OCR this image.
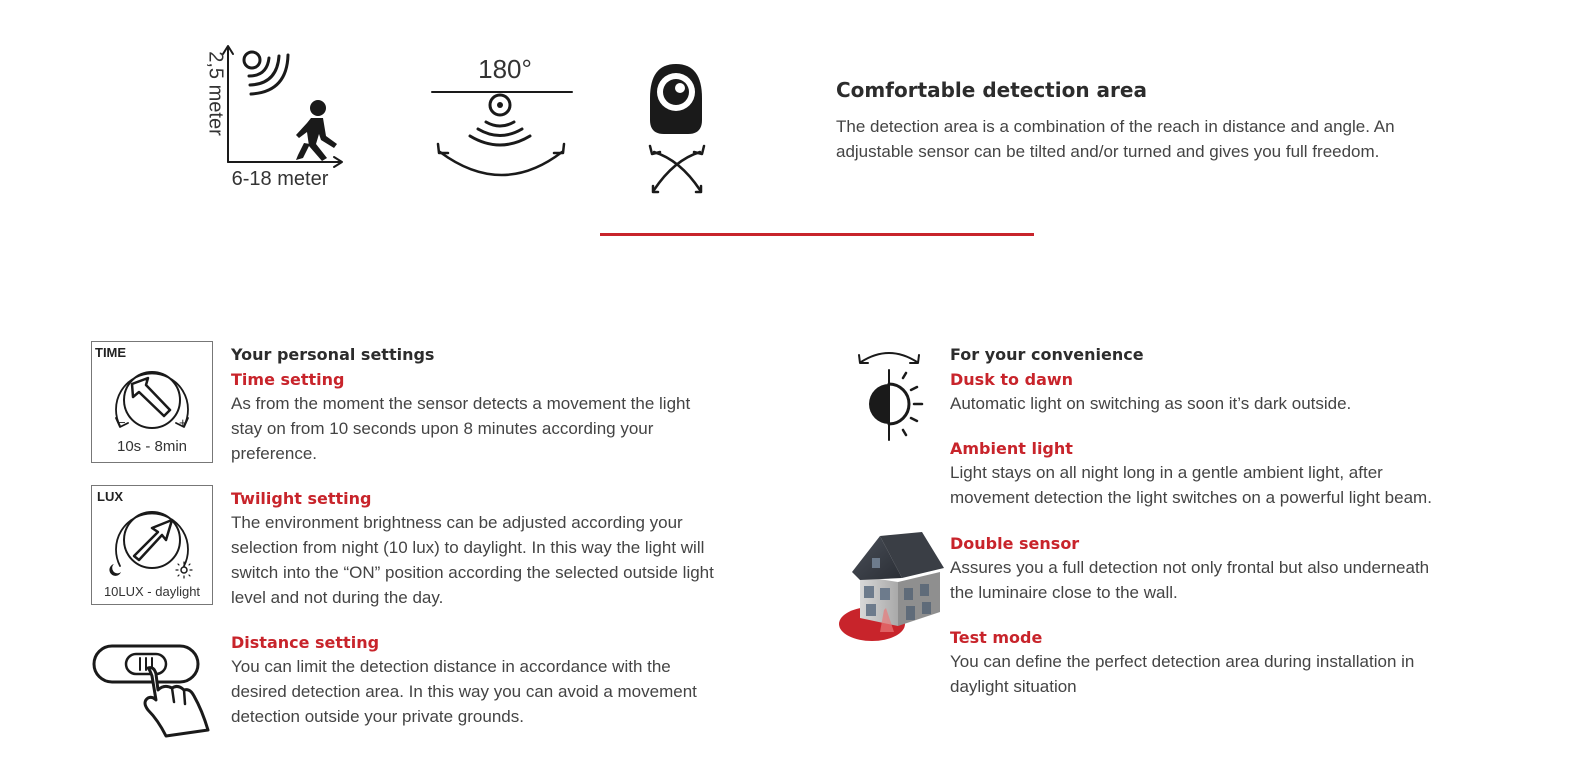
2,5 meter
6-18 meter
180°
Comfortable detection area
The detection area is a combination of the reach in distance and angle. An
adjustable sensor can be tilted and/or turned and gives you full freedom.
TIME
−	+
10s - 8min
Your personal settings
Time setting
As from the moment the sensor detects a movement the light
stay on from 10 seconds upon 8 minutes according your
preference.
LUX
10LUX - daylight
Twilight setting
The environment brightness can be adjusted according your
selection from night (10 lux) to daylight. In this way the light will
switch into the “ON” position according the selected outside light
level and not during the day.
Distance setting
You can limit the detection distance in accordance with the
desired detection area. In this way you can avoid a movement
detection outside your private grounds.
For your convenience
Dusk to dawn
Automatic light on switching as soon it’s dark outside.
Ambient light
Light stays on all night long in a gentle ambient light, after
movement detection the light switches on a powerful light beam.
Double sensor
Assures you a full detection not only frontal but also underneath
the luminaire close to the wall.
Test mode
You can define the perfect detection area during installation in
daylight situation
